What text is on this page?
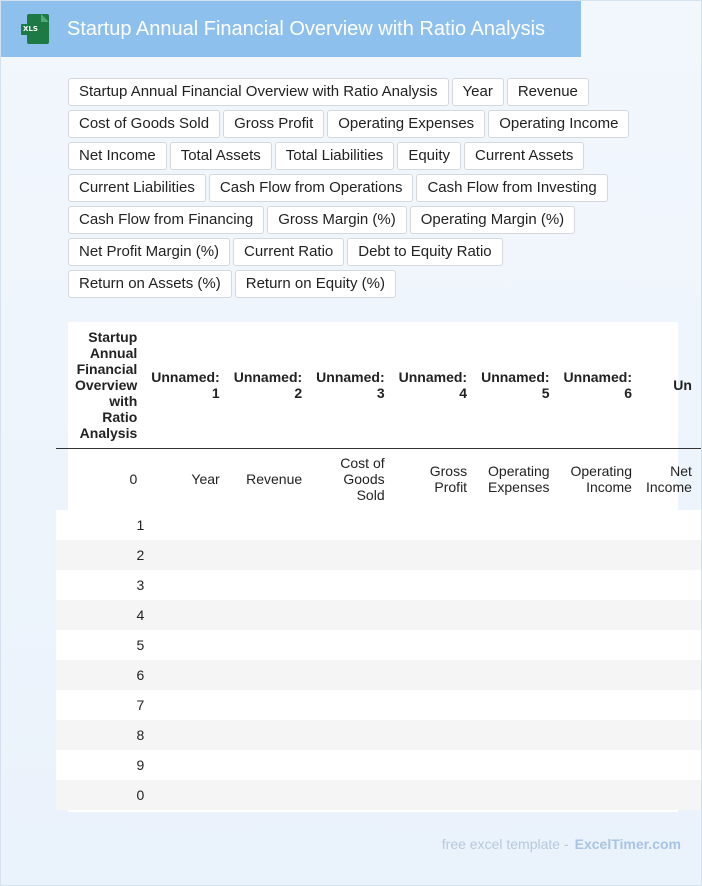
XLS Startup Annual Financial Overview with Ratio Analysis
Startup Annual Financial Overview with Ratio Analysis	Year	Revenue
Cost of Goods Sold	Gross Profit	Operating Expenses	Operating Income
Net Income	Total Assets	Total Liabilities	Equity	Current Assets
Current Liabilities	Cash Flow from Operations	Cash Flow from Investing
Cash Flow from Financing	Gross Margin (%)	Operating Margin (%)
Net Profit Margin (%)	Current Ratio	Debt to Equity Ratio
Return on Assets (%)	Return on Equity (%)
	Startup Annual Financial Overview with Ratio Analysis	Unnamed: 1	Unnamed: 2	Unnamed: 3	Unnamed: 4	Unnamed: 5	Unnamed: 6	Un
	0	Year	Revenue	Cost of Goods Sold	Gross Profit	Operating Expenses	Operating Income	Net Income
	1							
	2							
	3							
	4							
	5							
	6							
	7							
	8							
	9							
	0							
free excel template - ExcelTimer.com
